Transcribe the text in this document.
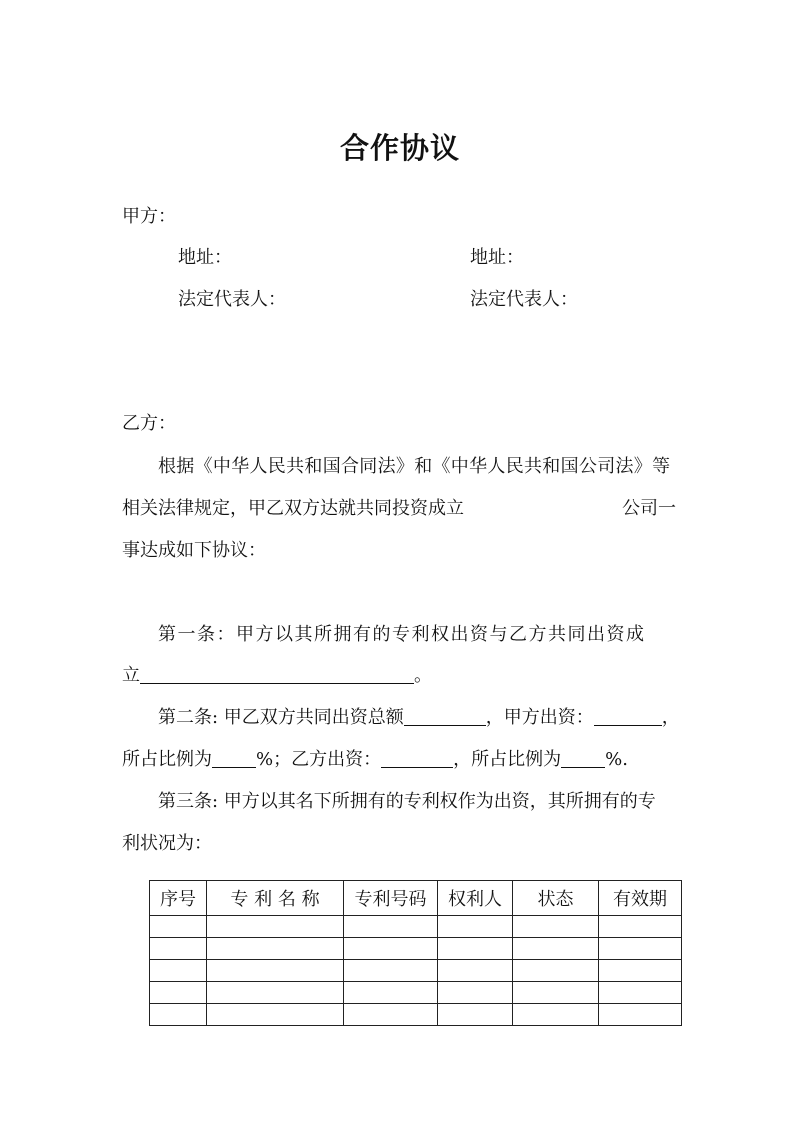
合作协议
甲方：
地址：	地址：
法定代表人：	法定代表人：
乙方：
根据《中华人民共和国合同法》和《中华人民共和国公司法》等
相关法律规定，甲乙双方达就共同投资成立	公司一
事达成如下协议：
第一条：甲方以其所拥有的专利权出资与乙方共同出资成
立	。
第二条: 甲乙双方共同出资总额	，甲方出资：	，
所占比例为 %；乙方出资：	，所占比例为 %.
第三条: 甲方以其名下所拥有的专利权作为出资，其所拥有的专
利状况为：
序号	专 利 名 称	专利号码	权利人	状态	有效期
